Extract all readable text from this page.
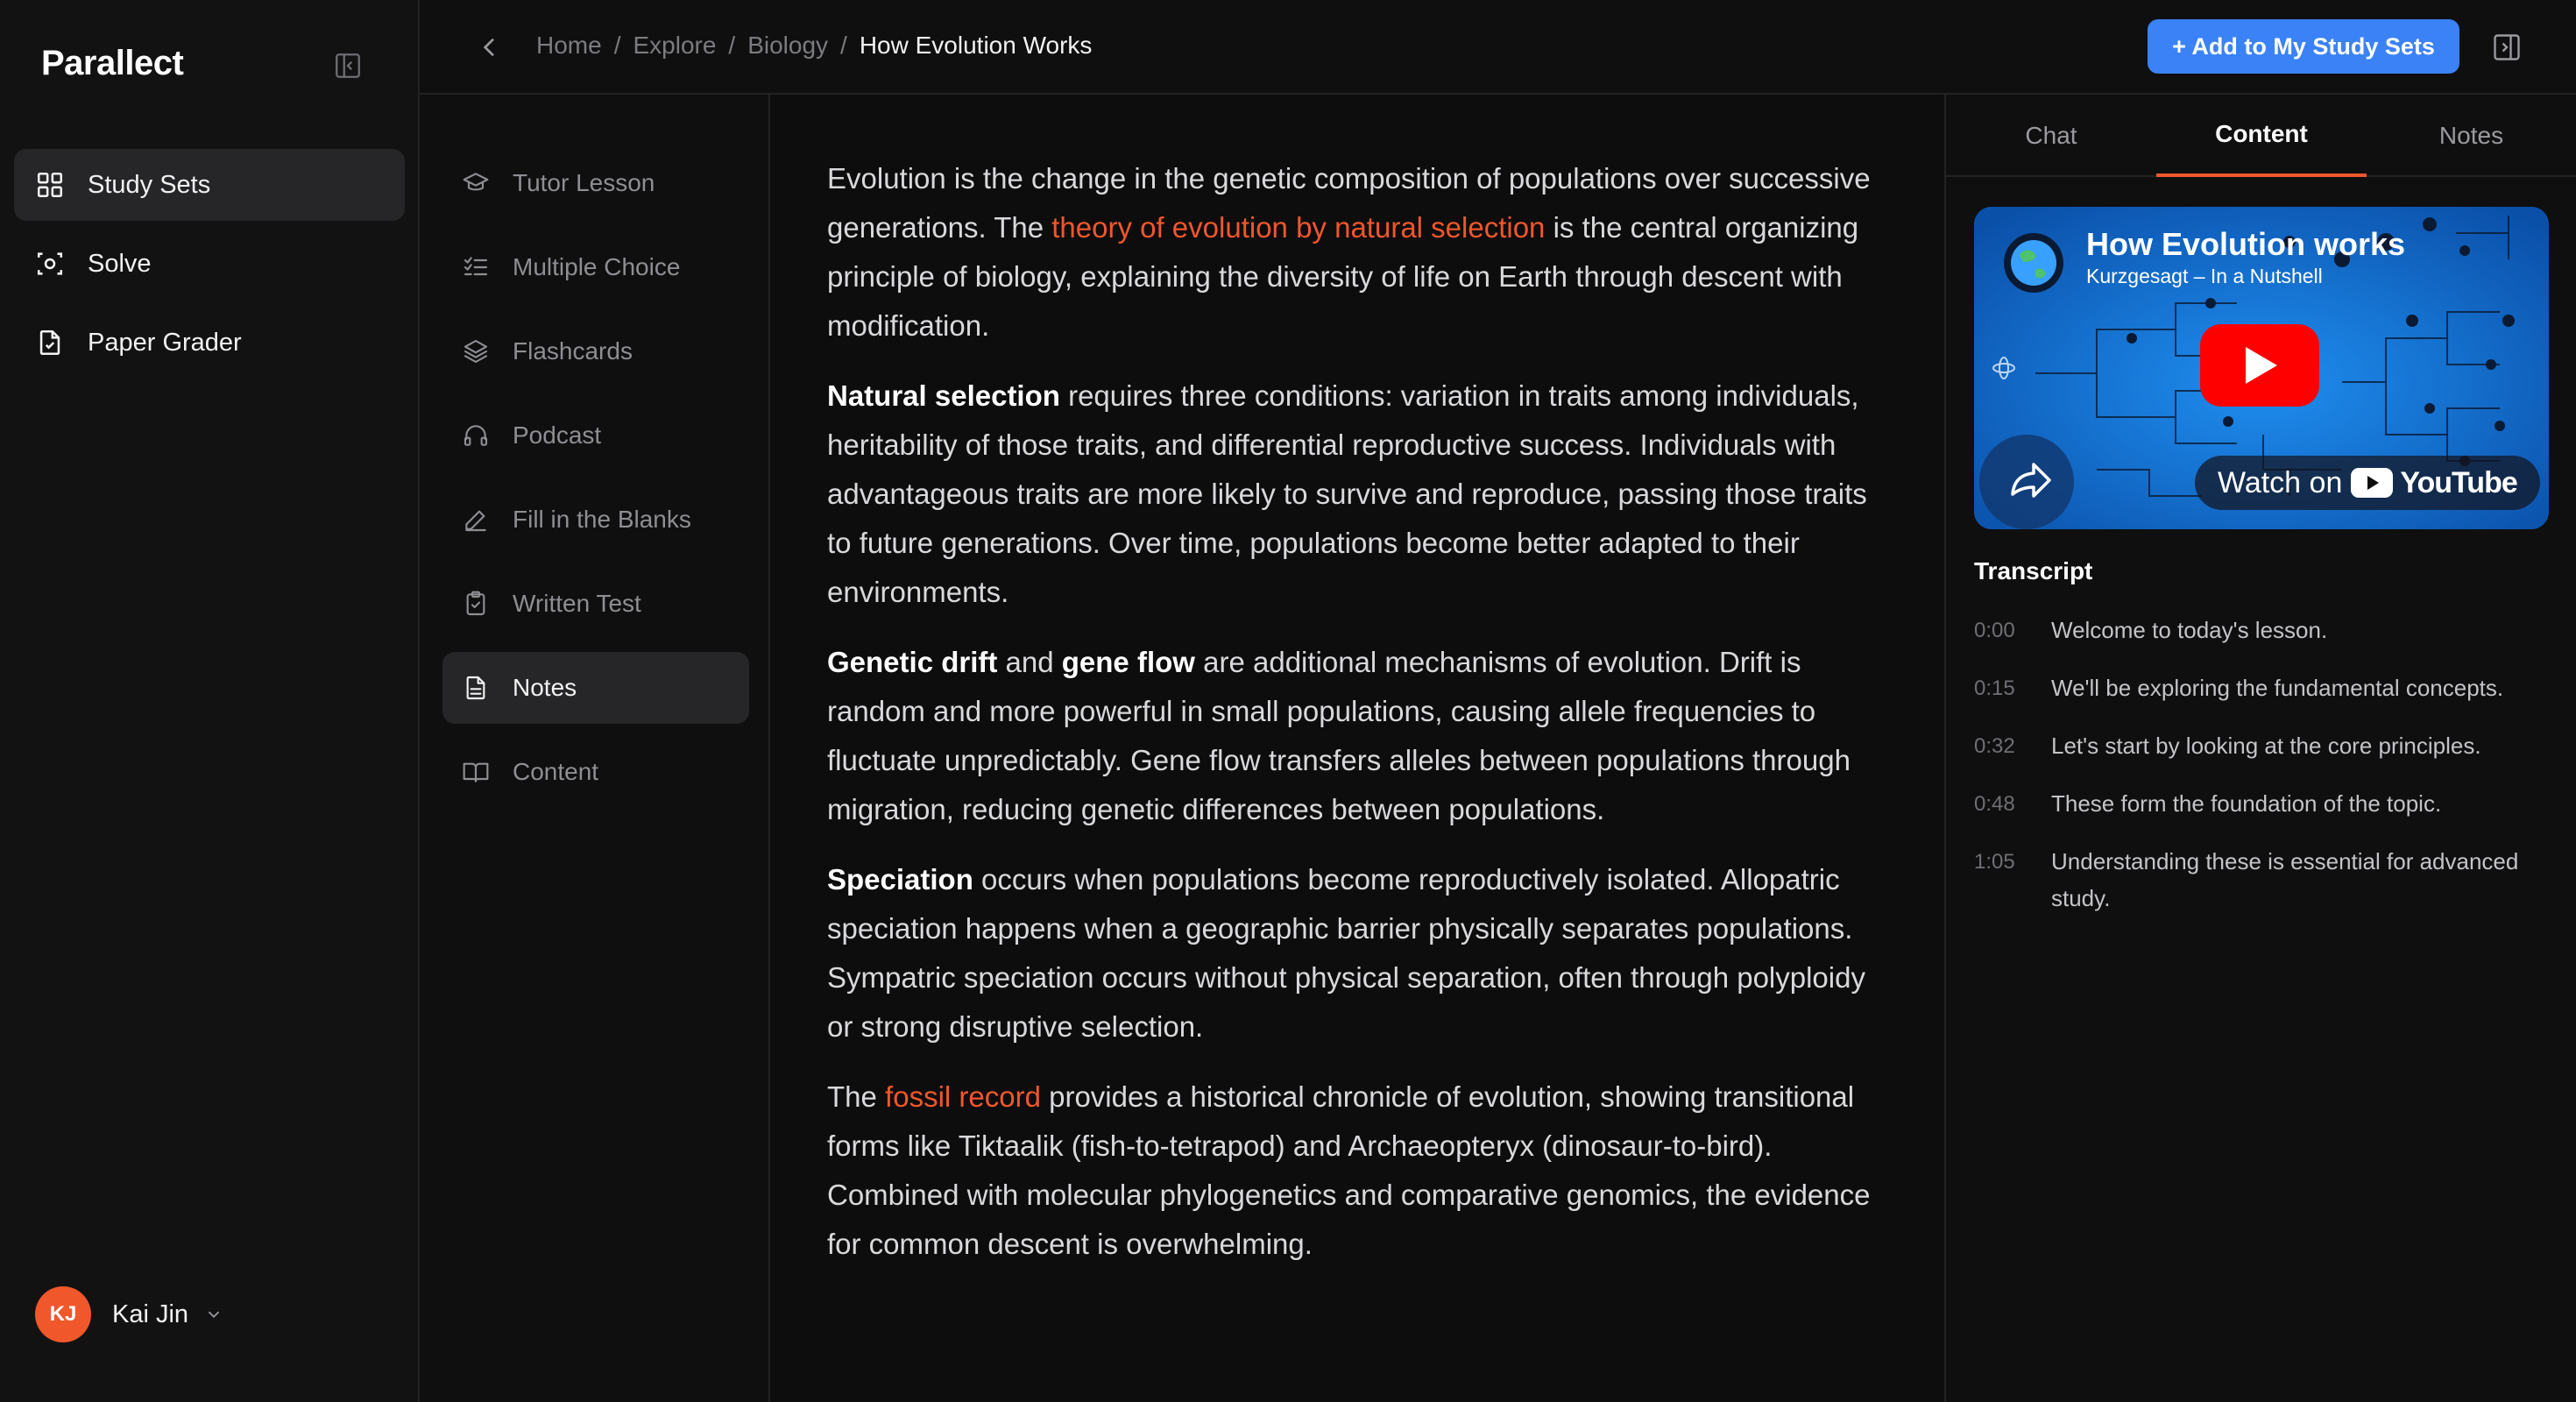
Parallect
Study Sets
Solve
Paper Grader
KJ	Kai Jin
Home / Explore / Biology / How Evolution Works	+ Add to My Study Sets
Tutor Lesson
Multiple Choice
Flashcards
Podcast
Fill in the Blanks
Written Test
Notes
Content

Evolution is the change in the genetic composition of populations over successive generations. The theory of evolution by natural selection is the central organizing principle of biology, explaining the diversity of life on Earth through descent with modification.

Natural selection requires three conditions: variation in traits among individuals, heritability of those traits, and differential reproductive success. Individuals with advantageous traits are more likely to survive and reproduce, passing those traits to future generations. Over time, populations become better adapted to their environments.

Genetic drift and gene flow are additional mechanisms of evolution. Drift is random and more powerful in small populations, causing allele frequencies to fluctuate unpredictably. Gene flow transfers alleles between populations through migration, reducing genetic differences between populations.

Speciation occurs when populations become reproductively isolated. Allopatric speciation happens when a geographic barrier physically separates populations. Sympatric speciation occurs without physical separation, often through polyploidy or strong disruptive selection.

The fossil record provides a historical chronicle of evolution, showing transitional forms like Tiktaalik (fish-to-tetrapod) and Archaeopteryx (dinosaur-to-bird). Combined with molecular phylogenetics and comparative genomics, the evidence for common descent is overwhelming.

Chat	Content	Notes
How Evolution works
Kurzgesagt – In a Nutshell
Watch on YouTube
Transcript
0:00	Welcome to today's lesson.
0:15	We'll be exploring the fundamental concepts.
0:32	Let's start by looking at the core principles.
0:48	These form the foundation of the topic.
1:05	Understanding these is essential for advanced study.
